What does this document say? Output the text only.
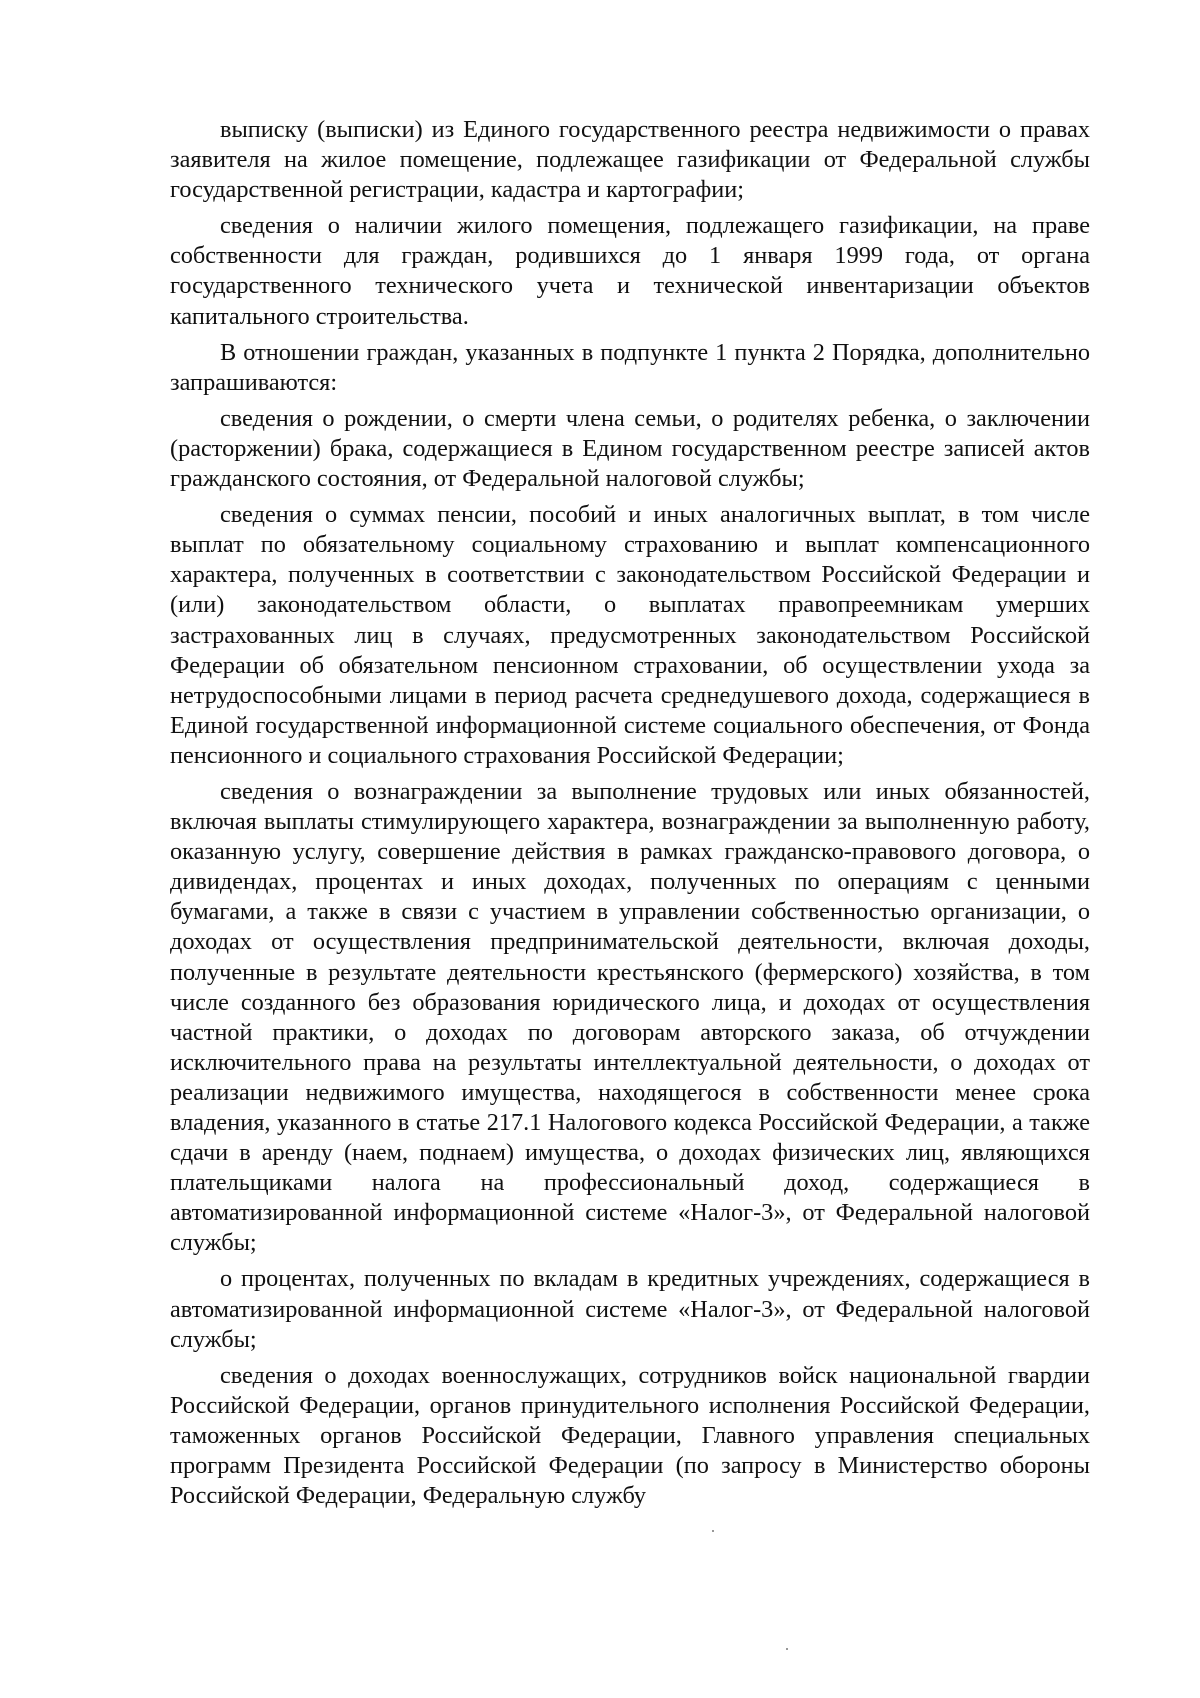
выписку (выписки) из Единого государственного реестра недвижимости о правах заявителя на жилое помещение, подлежащее газификации от Федеральной службы государственной регистрации, кадастра и картографии;

сведения о наличии жилого помещения, подлежащего газификации, на праве собственности для граждан, родившихся до 1 января 1999 года, от органа государственного технического учета и технической инвентаризации объектов капитального строительства.

В отношении граждан, указанных в подпункте 1 пункта 2 Порядка, дополнительно запрашиваются:

сведения о рождении, о смерти члена семьи, о родителях ребенка, о заключении (расторжении) брака, содержащиеся в Едином государственном реестре записей актов гражданского состояния, от Федеральной налоговой службы;

сведения о суммах пенсии, пособий и иных аналогичных выплат, в том числе выплат по обязательному социальному страхованию и выплат компенсационного характера, полученных в соответствии с законодательством Российской Федерации и (или) законодательством области, о выплатах правопреемникам умерших застрахованных лиц в случаях, предусмотренных законодательством Российской Федерации об обязательном пенсионном страховании, об осуществлении ухода за нетрудоспособными лицами в период расчета среднедушевого дохода, содержащиеся в Единой государственной информационной системе социального обеспечения, от Фонда пенсионного и социального страхования Российской Федерации;

сведения о вознаграждении за выполнение трудовых или иных обязанностей, включая выплаты стимулирующего характера, вознаграждении за выполненную работу, оказанную услугу, совершение действия в рамках гражданско-правового договора, о дивидендах, процентах и иных доходах, полученных по операциям с ценными бумагами, а также в связи с участием в управлении собственностью организации, о доходах от осуществления предпринимательской деятельности, включая доходы, полученные в результате деятельности крестьянского (фермерского) хозяйства, в том числе созданного без образования юридического лица, и доходах от осуществления частной практики, о доходах по договорам авторского заказа, об отчуждении исключительного права на результаты интеллектуальной деятельности, о доходах от реализации недвижимого имущества, находящегося в собственности менее срока владения, указанного в статье 217.1 Налогового кодекса Российской Федерации, а также сдачи в аренду (наем, поднаем) имущества, о доходах физических лиц, являющихся плательщиками налога на профессиональный доход, содержащиеся в автоматизированной информационной системе «Налог-3», от Федеральной налоговой службы;

о процентах, полученных по вкладам в кредитных учреждениях, содержащиеся в автоматизированной информационной системе «Налог-3», от Федеральной налоговой службы;

сведения о доходах военнослужащих, сотрудников войск национальной гвардии Российской Федерации, органов принудительного исполнения Российской Федерации, таможенных органов Российской Федерации, Главного управления специальных программ Президента Российской Федерации (по запросу в Министерство обороны Российской Федерации, Федеральную службу
